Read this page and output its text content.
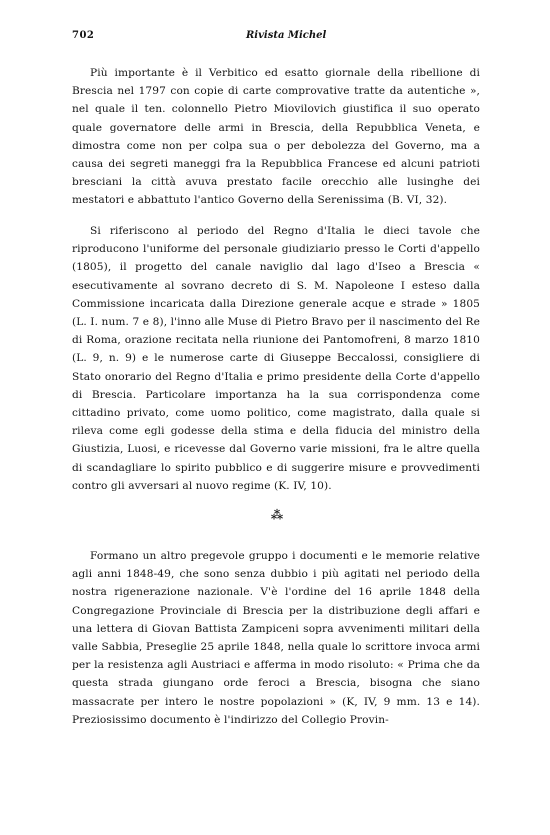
702	Rivista Michel

Più importante è il Verbitico ed esatto giornale della ribellione di Brescia nel 1797 con copie di carte comprovative tratte da autentiche », nel quale il ten. colonnello Pietro Miovilovich giustifica il suo operato quale governatore delle armi in Brescia, della Repubblica Veneta, e dimostra come non per colpa sua o per debolezza del Governo, ma a causa dei segreti maneggi fra la Repubblica Francese ed alcuni patrioti bresciani la città avuva prestato facile orecchio alle lusinghe dei mestatori e abbattuto l'antico Governo della Serenissima (B. VI, 32).

Si riferiscono al periodo del Regno d'Italia le dieci tavole che riproducono l'uniforme del personale giudiziario presso le Corti d'appello (1805), il progetto del canale naviglio dal lago d'Iseo a Brescia « esecutivamente al sovrano decreto di S. M. Napoleone I esteso dalla Commissione incaricata dalla Direzione generale acque e strade » 1805 (L. I. num. 7 e 8), l'inno alle Muse di Pietro Bravo per il nascimento del Re di Roma, orazione recitata nella riunione dei Pantomofreni, 8 marzo 1810 (L. 9, n. 9) e le numerose carte di Giuseppe Beccalossi, consigliere di Stato onorario del Regno d'Italia e primo presidente della Corte d'appello di Brescia. Particolare importanza ha la sua corrispondenza come cittadino privato, come uomo politico, come magistrato, dalla quale si rileva come egli godesse della stima e della fiducia del ministro della Giustizia, Luosi, e ricevesse dal Governo varie missioni, fra le altre quella di scandagliare lo spirito pubblico e di suggerire misure e provvedimenti contro gli avversari al nuovo regime (K. IV, 10).

⁂

Formano un altro pregevole gruppo i documenti e le memorie relative agli anni 1848-49, che sono senza dubbio i più agitati nel periodo della nostra rigenerazione nazionale. V'è l'ordine del 16 aprile 1848 della Congregazione Provinciale di Brescia per la distribuzione degli affari e una lettera di Giovan Battista Zampiceni sopra avvenimenti militari della valle Sabbia, Preseglie 25 aprile 1848, nella quale lo scrittore invoca armi per la resistenza agli Austriaci e afferma in modo risoluto: « Prima che da questa strada giungano orde feroci a Brescia, bisogna che siano massacrate per intero le nostre popolazioni » (K, IV, 9 mm. 13 e 14). Preziosissimo documento è l'indirizzo del Collegio Provin-
